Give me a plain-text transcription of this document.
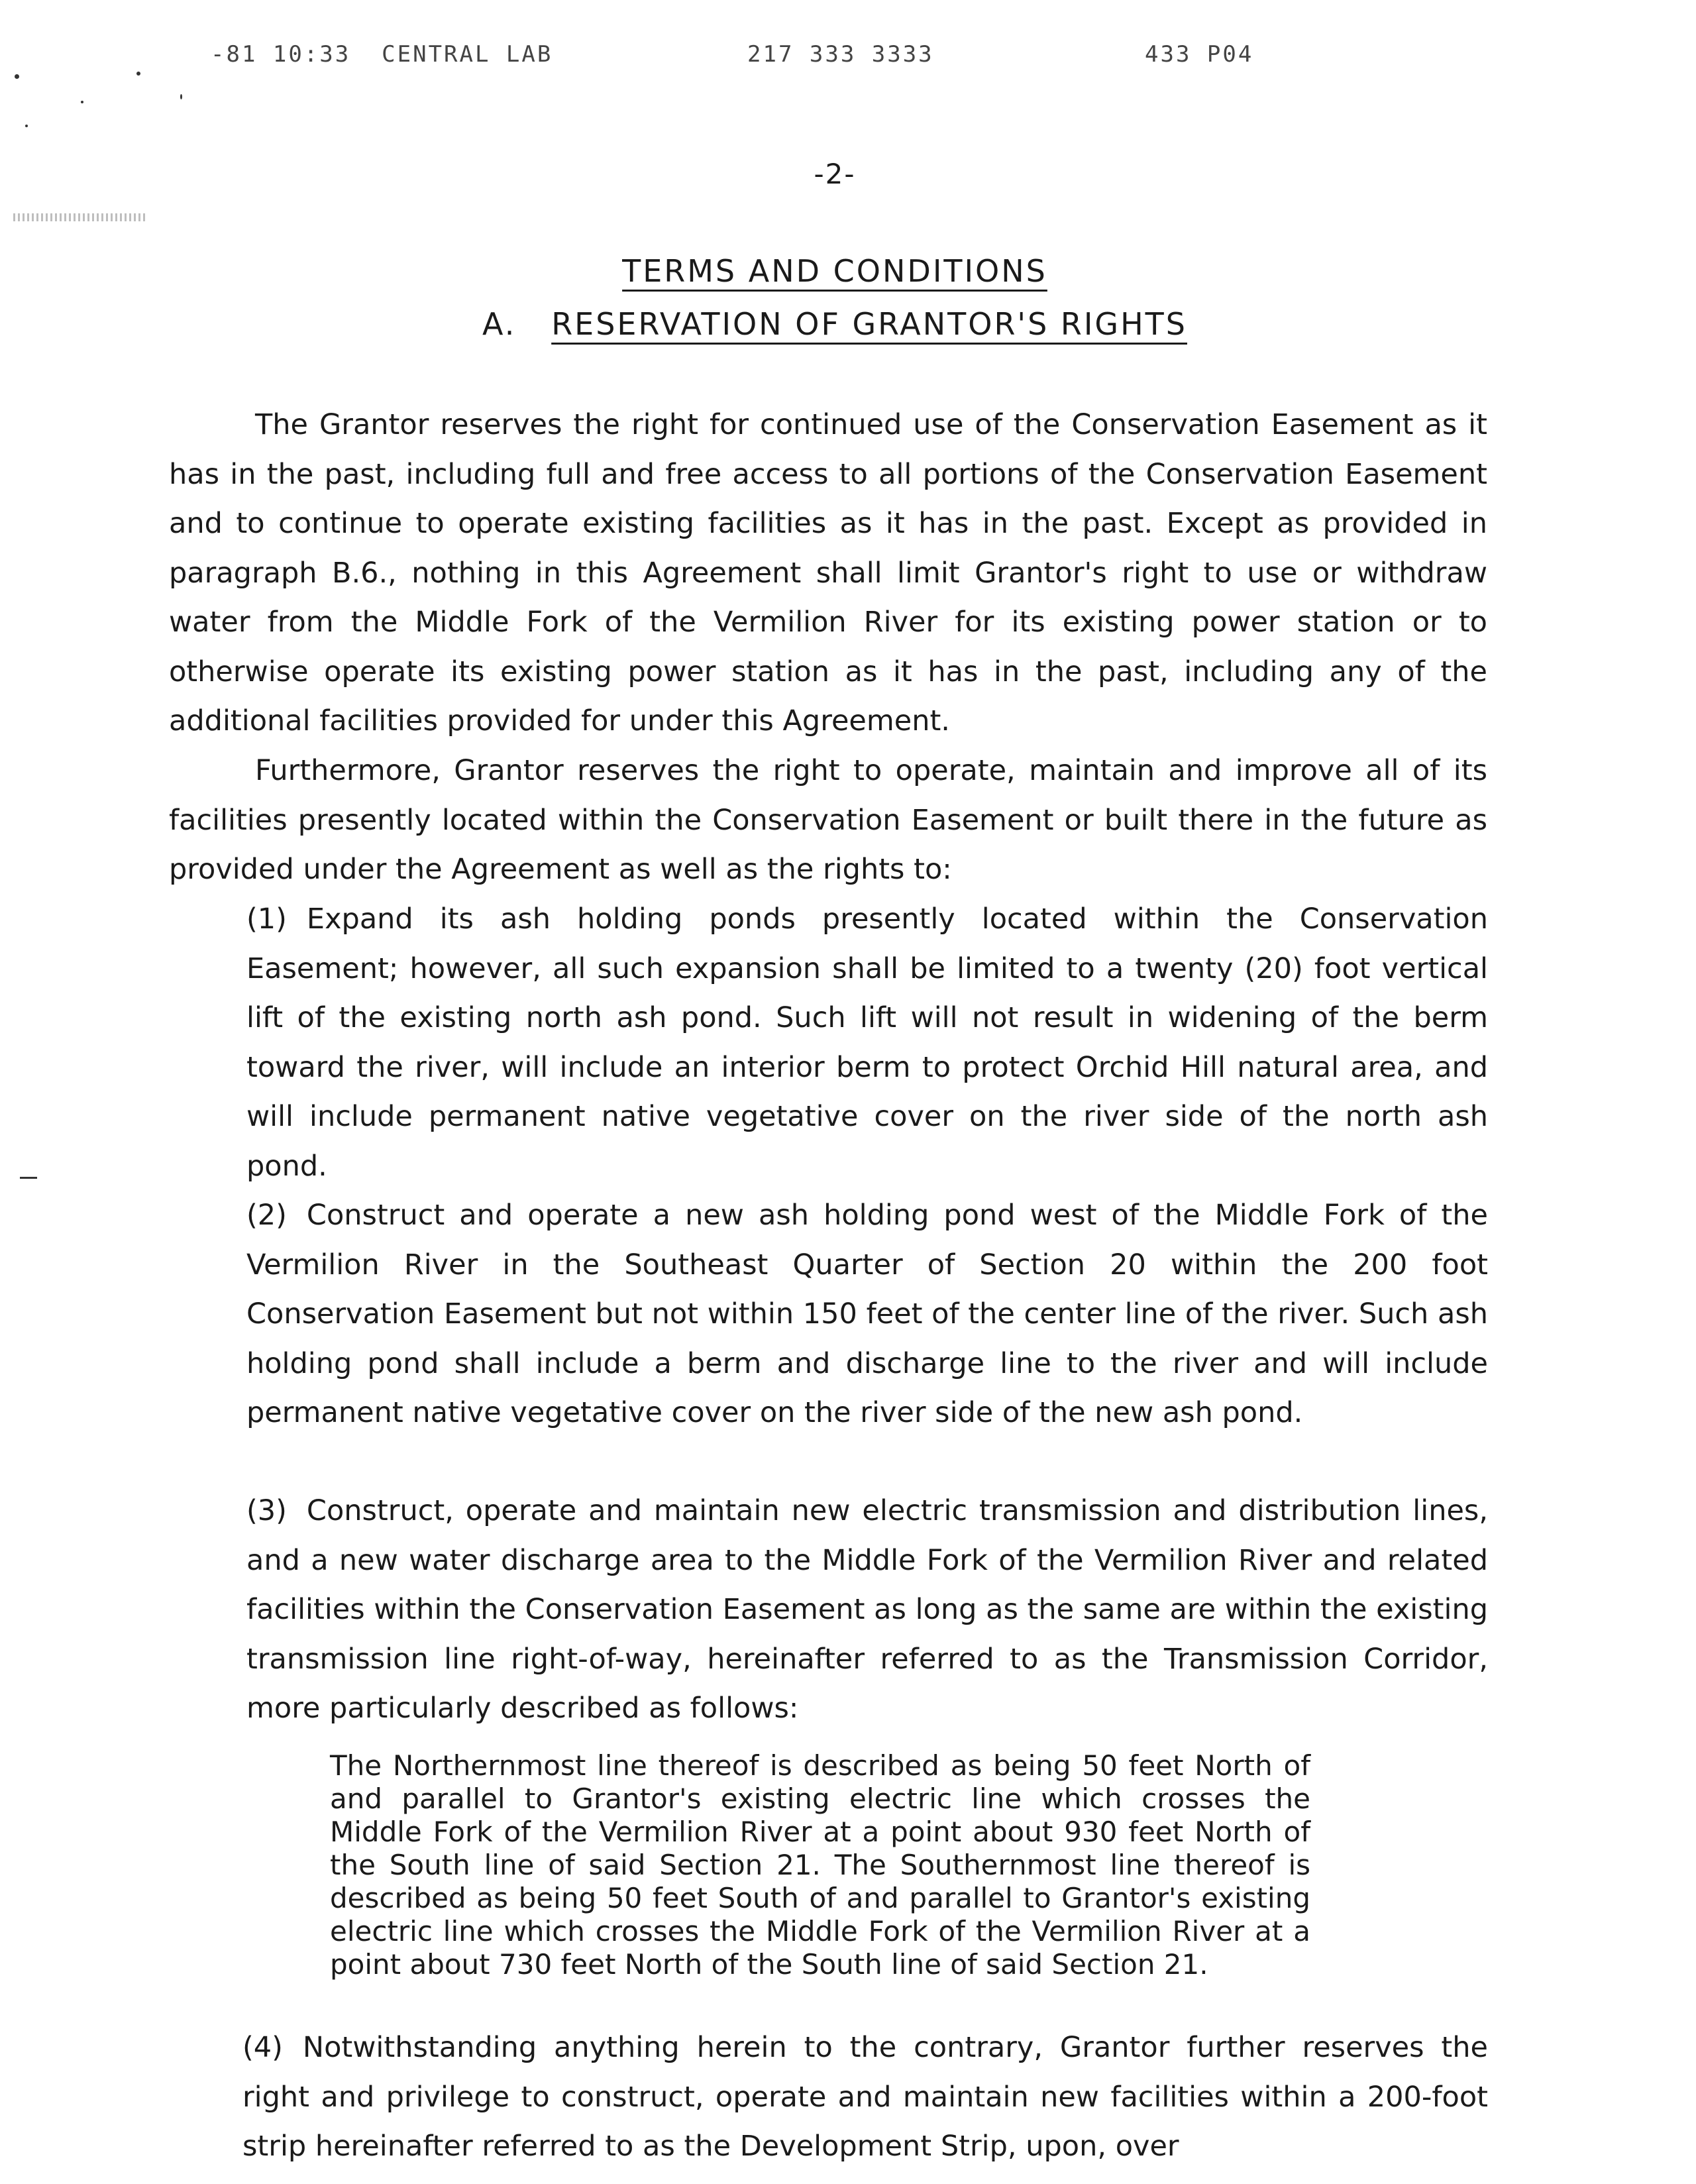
-81 10:33  CENTRAL LAB	217 333 3333	433 P04
-2-
TERMS AND CONDITIONS
A. RESERVATION OF GRANTOR'S RIGHTS

The Grantor reserves the right for continued use of the Conservation Easement as it has in the past, including full and free access to all portions of the Conservation Easement and to continue to operate existing facilities as it has in the past. Except as provided in paragraph B.6., nothing in this Agreement shall limit Grantor's right to use or withdraw water from the Middle Fork of the Vermilion River for its existing power station or to otherwise operate its existing power station as it has in the past, including any of the additional facilities provided for under this Agreement.

Furthermore, Grantor reserves the right to operate, maintain and improve all of its facilities presently located within the Conservation Easement or built there in the future as provided under the Agreement as well as the rights to:

(1) Expand its ash holding ponds presently located within the Conservation Easement; however, all such expansion shall be limited to a twenty (20) foot vertical lift of the existing north ash pond. Such lift will not result in widening of the berm toward the river, will include an interior berm to protect Orchid Hill natural area, and will include permanent native vegetative cover on the river side of the north ash pond.

(2) Construct and operate a new ash holding pond west of the Middle Fork of the Vermilion River in the Southeast Quarter of Section 20 within the 200 foot Conservation Easement but not within 150 feet of the center line of the river. Such ash holding pond shall include a berm and discharge line to the river and will include permanent native vegetative cover on the river side of the new ash pond.

(3) Construct, operate and maintain new electric transmission and distribution lines, and a new water discharge area to the Middle Fork of the Vermilion River and related facilities within the Conservation Easement as long as the same are within the existing transmission line right-of-way, hereinafter referred to as the Transmission Corridor, more particularly described as follows:

The Northernmost line thereof is described as being 50 feet North of and parallel to Grantor's existing electric line which crosses the Middle Fork of the Vermilion River at a point about 930 feet North of the South line of said Section 21. The Southernmost line thereof is described as being 50 feet South of and parallel to Grantor's existing electric line which crosses the Middle Fork of the Vermilion River at a point about 730 feet North of the South line of said Section 21.

(4) Notwithstanding anything herein to the contrary, Grantor further reserves the right and privilege to construct, operate and maintain new facilities within a 200-foot strip hereinafter referred to as the Development Strip, upon, over
